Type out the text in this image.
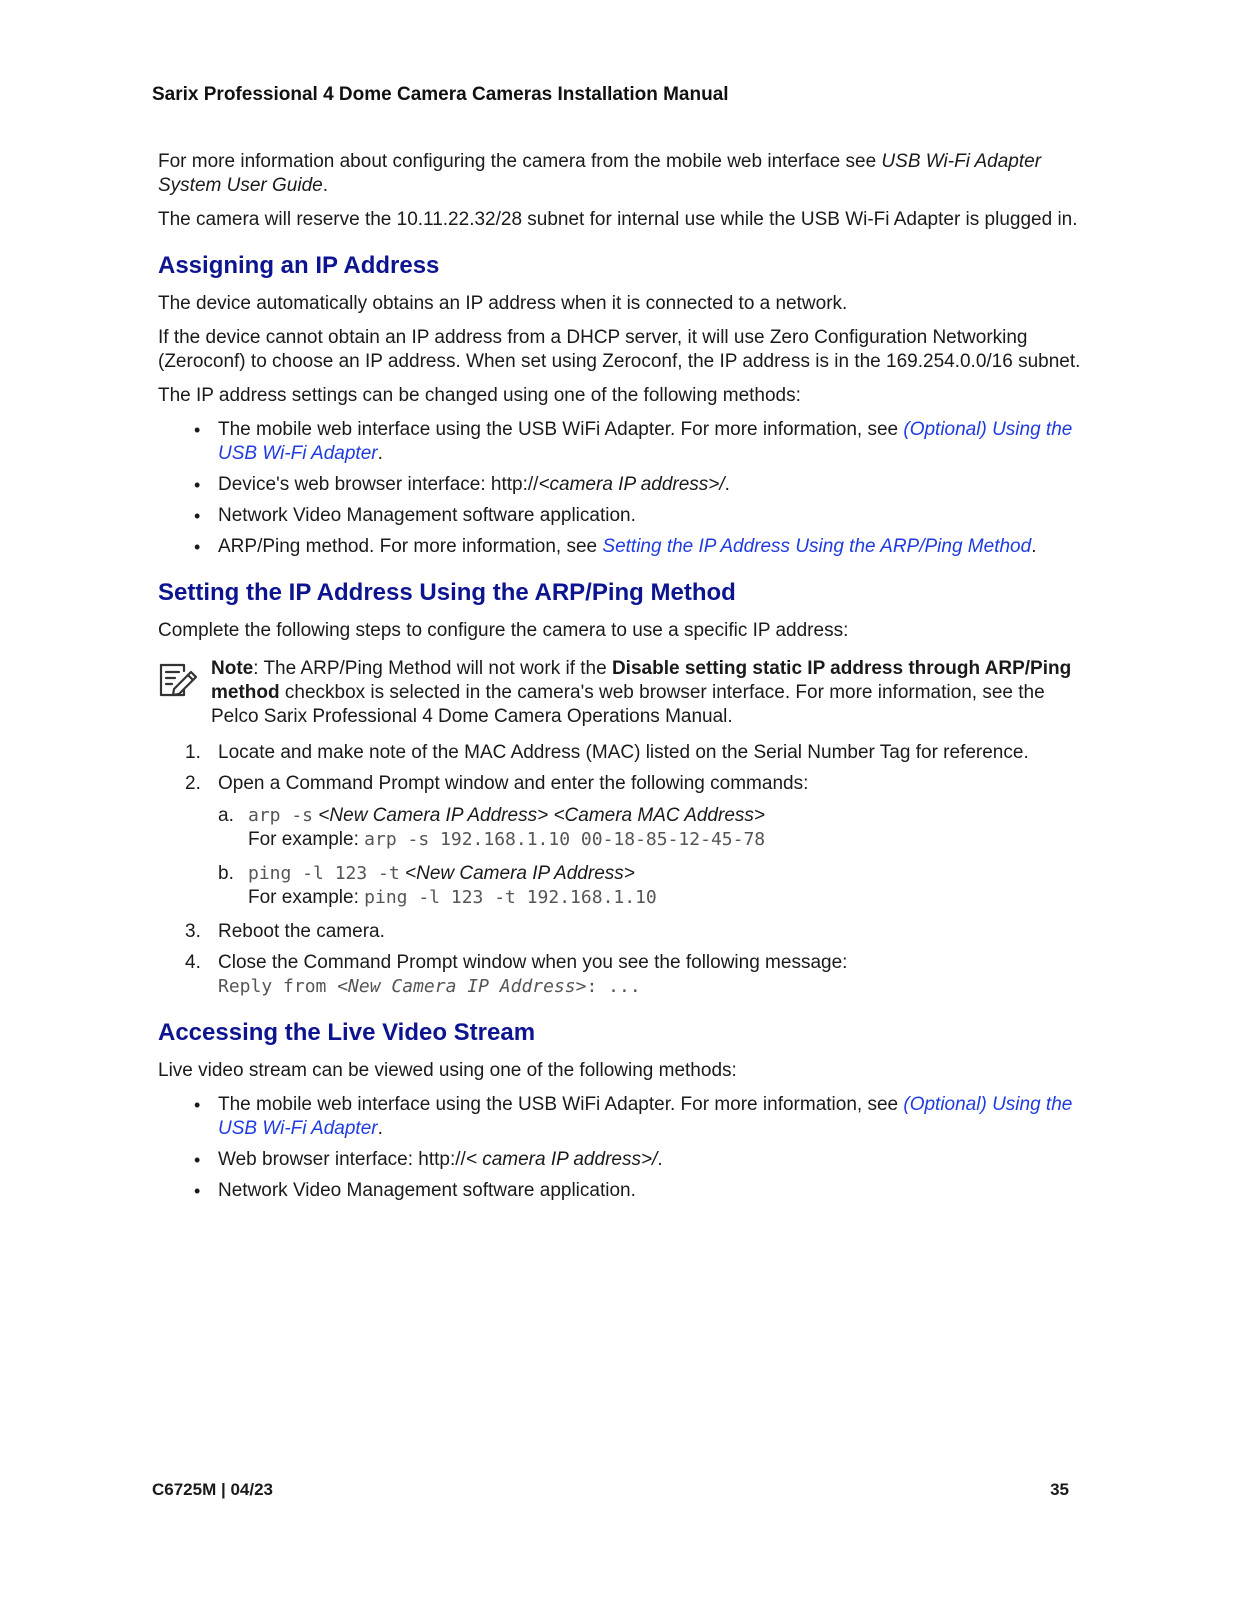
Sarix Professional 4 Dome Camera Cameras Installation Manual

For more information about configuring the camera from the mobile web interface see USB Wi-Fi Adapter System User Guide.

The camera will reserve the 10.11.22.32/28 subnet for internal use while the USB Wi-Fi Adapter is plugged in.

Assigning an IP Address

The device automatically obtains an IP address when it is connected to a network.

If the device cannot obtain an IP address from a DHCP server, it will use Zero Configuration Networking (Zeroconf) to choose an IP address. When set using Zeroconf, the IP address is in the 169.254.0.0/16 subnet.

The IP address settings can be changed using one of the following methods:

• The mobile web interface using the USB WiFi Adapter. For more information, see (Optional) Using the USB Wi-Fi Adapter.
• Device's web browser interface: http://<camera IP address>/.
• Network Video Management software application.
• ARP/Ping method. For more information, see Setting the IP Address Using the ARP/Ping Method.
Setting the IP Address Using the ARP/Ping Method

Complete the following steps to configure the camera to use a specific IP address:

Note: The ARP/Ping Method will not work if the Disable setting static IP address through ARP/Ping method checkbox is selected in the camera's web browser interface. For more information, see the Pelco Sarix Professional 4 Dome Camera Operations Manual.
1. Locate and make note of the MAC Address (MAC) listed on the Serial Number Tag for reference.
2. Open a Command Prompt window and enter the following commands:
a. arp -s <New Camera IP Address> <Camera MAC Address>
For example: arp -s 192.168.1.10 00-18-85-12-45-78
b. ping -l 123 -t <New Camera IP Address>
For example: ping -l 123 -t 192.168.1.10
3. Reboot the camera.
4. Close the Command Prompt window when you see the following message:
Reply from <New Camera IP Address>: ...
Accessing the Live Video Stream

Live video stream can be viewed using one of the following methods:

• The mobile web interface using the USB WiFi Adapter. For more information, see (Optional) Using the USB Wi-Fi Adapter.
• Web browser interface: http://< camera IP address>/.
• Network Video Management software application.
C6725M | 04/23	35
